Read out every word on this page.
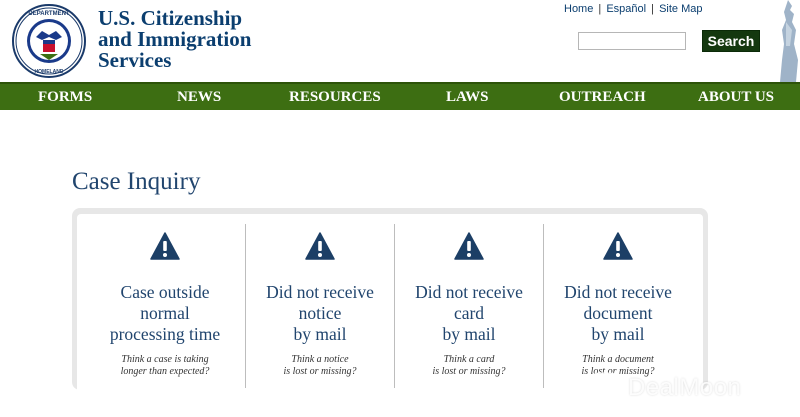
DEPARTMENT
HOMELAND
U.S. Citizenship
and Immigration
Services
Home | Español | Site Map
Search
FORMS	NEWS	RESOURCES	LAWS	OUTREACH	ABOUT US
Case Inquiry
Case outside
normal
processing time
Think a case is taking
longer than expected?
Did not receive
notice
by mail
Think a notice
is lost or missing?
Did not receive
card
by mail
Think a card
is lost or missing?
Did not receive
document
by mail
Think a document
is lost or missing?
DealMoon
